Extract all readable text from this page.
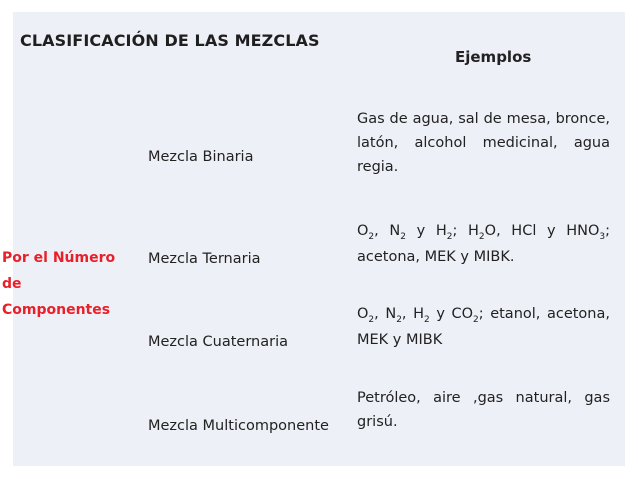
CLASIFICACIÓN DE LAS MEZCLAS
Ejemplos
Por el Número
de
Componentes
Mezcla Binaria

Gas de agua, sal de mesa, bronce, latón, alcohol medicinal, agua regia.

Mezcla Ternaria

$O_2$, $N_2$ y $H_2$; $H_2O$, HCl y $HNO_3$; acetona, MEK y MIBK.

Mezcla Cuaternaria

$O_2$, $N_2$, $H_2$ y $CO_2$; etanol, acetona, MEK y MIBK

Mezcla Multicomponente

Petróleo, aire ,gas natural, gas grisú.
